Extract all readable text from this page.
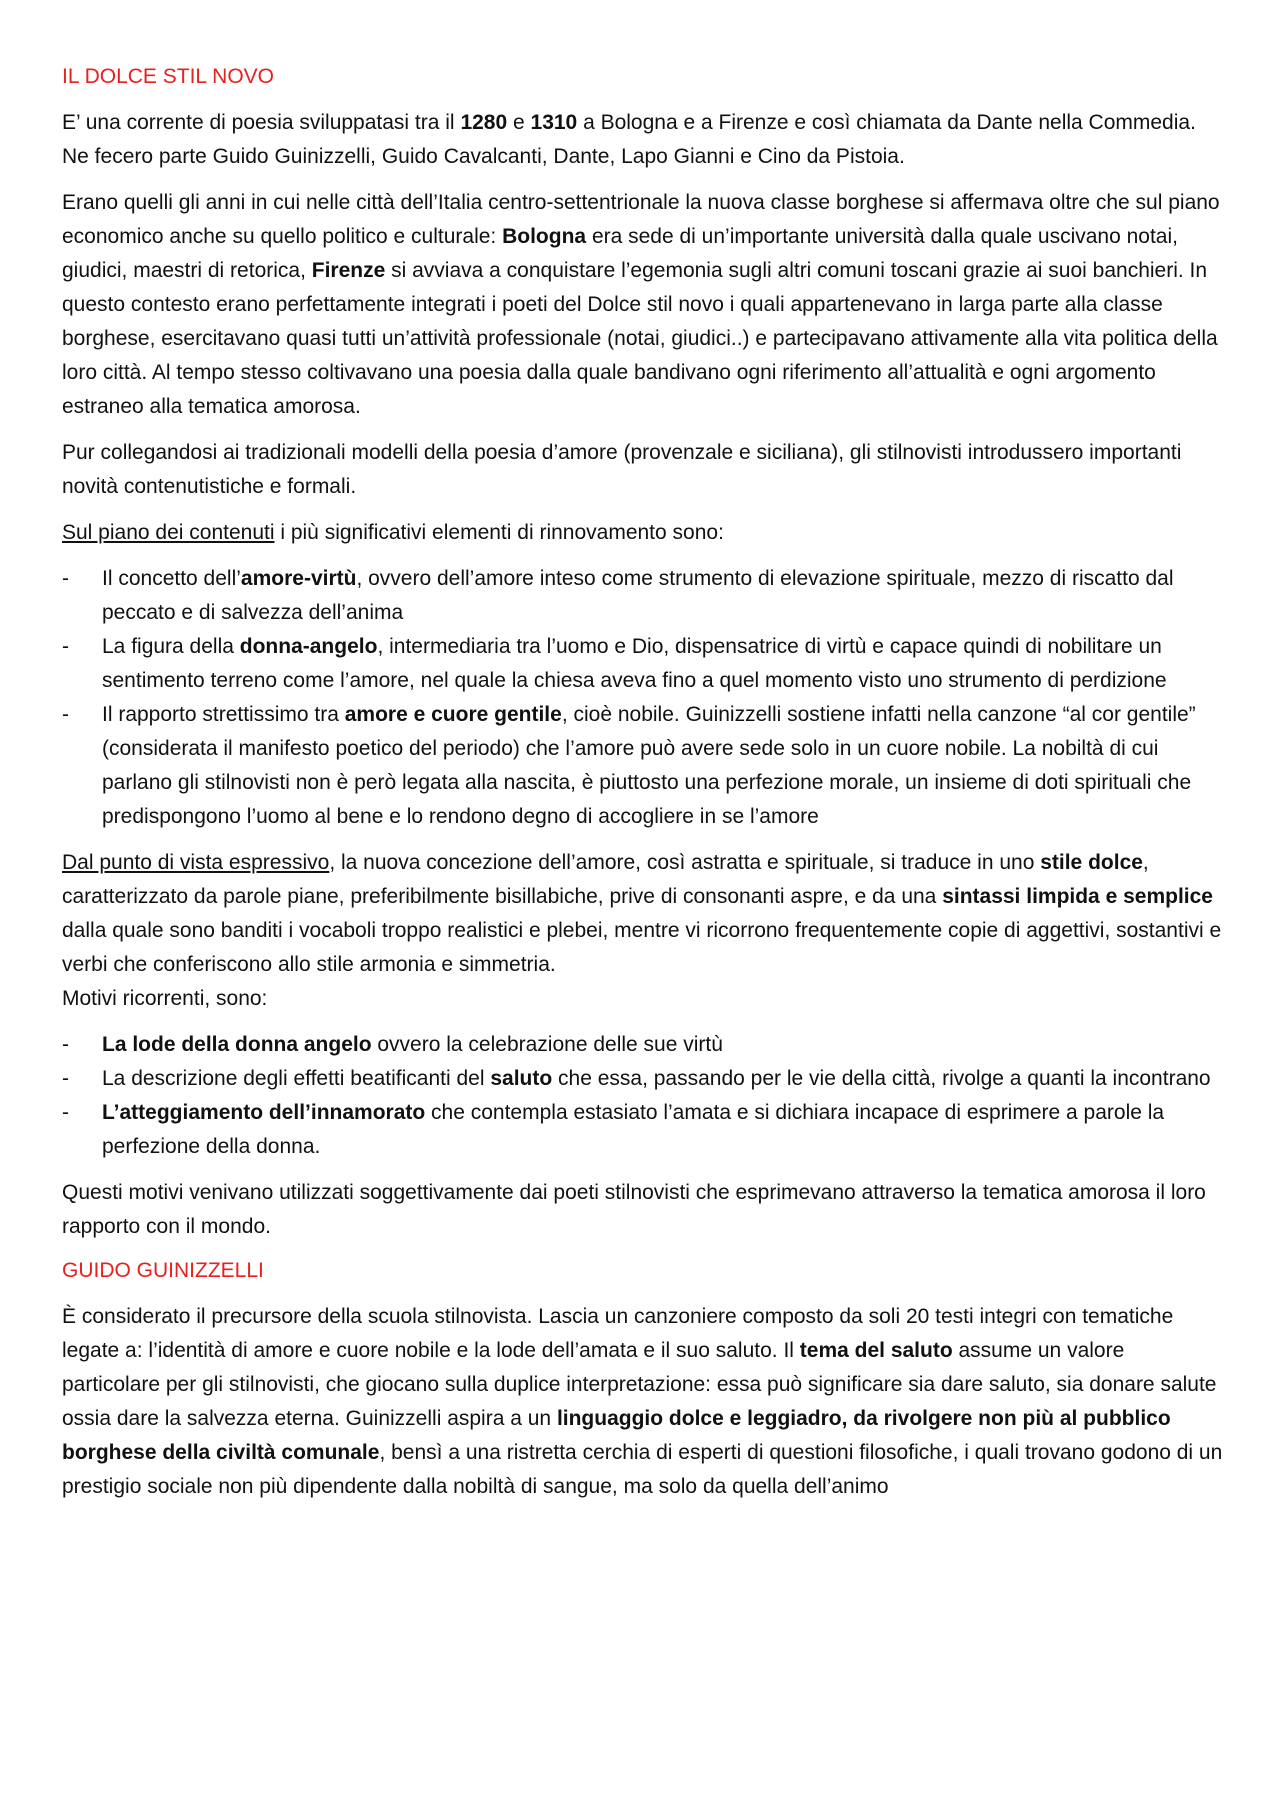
IL DOLCE STIL NOVO

E’ una corrente di poesia sviluppatasi tra il 1280 e 1310 a Bologna e a Firenze e così chiamata da Dante nella Commedia. Ne fecero parte Guido Guinizzelli, Guido Cavalcanti, Dante, Lapo Gianni e Cino da Pistoia.

Erano quelli gli anni in cui nelle città dell’Italia centro-settentrionale la nuova classe borghese si affermava oltre che sul piano economico anche su quello politico e culturale: Bologna era sede di un’importante università dalla quale uscivano notai, giudici, maestri di retorica, Firenze si avviava a conquistare l’egemonia sugli altri comuni toscani grazie ai suoi banchieri. In questo contesto erano perfettamente integrati i poeti del Dolce stil novo i quali appartenevano in larga parte alla classe borghese, esercitavano quasi tutti un’attività professionale (notai, giudici..) e partecipavano attivamente alla vita politica della loro città. Al tempo stesso coltivavano una poesia dalla quale bandivano ogni riferimento all’attualità e ogni argomento estraneo alla tematica amorosa.

Pur collegandosi ai tradizionali modelli della poesia d’amore (provenzale e siciliana), gli stilnovisti introdussero importanti novità contenutistiche e formali.

Sul piano dei contenuti i più significativi elementi di rinnovamento sono:

-	Il concetto dell’amore-virtù, ovvero dell’amore inteso come strumento di elevazione spirituale, mezzo di riscatto dal peccato e di salvezza dell’anima
-	La figura della donna-angelo, intermediaria tra l’uomo e Dio, dispensatrice di virtù e capace quindi di nobilitare un sentimento terreno come l’amore, nel quale la chiesa aveva fino a quel momento visto uno strumento di perdizione
-	Il rapporto strettissimo tra amore e cuore gentile, cioè nobile. Guinizzelli sostiene infatti nella canzone “al cor gentile” (considerata il manifesto poetico del periodo) che l’amore può avere sede solo in un cuore nobile. La nobiltà di cui parlano gli stilnovisti non è però legata alla nascita, è piuttosto una perfezione morale, un insieme di doti spirituali che predispongono l’uomo al bene e lo rendono degno di accogliere in se l’amore

Dal punto di vista espressivo, la nuova concezione dell’amore, così astratta e spirituale, si traduce in uno stile dolce, caratterizzato da parole piane, preferibilmente bisillabiche, prive di consonanti aspre, e da una sintassi limpida e semplice dalla quale sono banditi i vocaboli troppo realistici e plebei, mentre vi ricorrono frequentemente copie di aggettivi, sostantivi e verbi che conferiscono allo stile armonia e simmetria.

Motivi ricorrenti, sono:

-	La lode della donna angelo ovvero la celebrazione delle sue virtù
-	La descrizione degli effetti beatificanti del saluto che essa, passando per le vie della città, rivolge a quanti la incontrano
-	L’atteggiamento dell’innamorato che contempla estasiato l’amata e si dichiara incapace di esprimere a parole la perfezione della donna.

Questi motivi venivano utilizzati soggettivamente dai poeti stilnovisti che esprimevano attraverso la tematica amorosa il loro rapporto con il mondo.

GUIDO GUINIZZELLI

È considerato il precursore della scuola stilnovista. Lascia un canzoniere composto da soli 20 testi integri con tematiche legate a: l’identità di amore e cuore nobile e la lode dell’amata e il suo saluto. Il tema del saluto assume un valore particolare per gli stilnovisti, che giocano sulla duplice interpretazione: essa può significare sia dare saluto, sia donare salute ossia dare la salvezza eterna. Guinizzelli aspira a un linguaggio dolce e leggiadro, da rivolgere non più al pubblico borghese della civiltà comunale, bensì a una ristretta cerchia di esperti di questioni filosofiche, i quali trovano godono di un prestigio sociale non più dipendente dalla nobiltà di sangue, ma solo da quella dell’animo
